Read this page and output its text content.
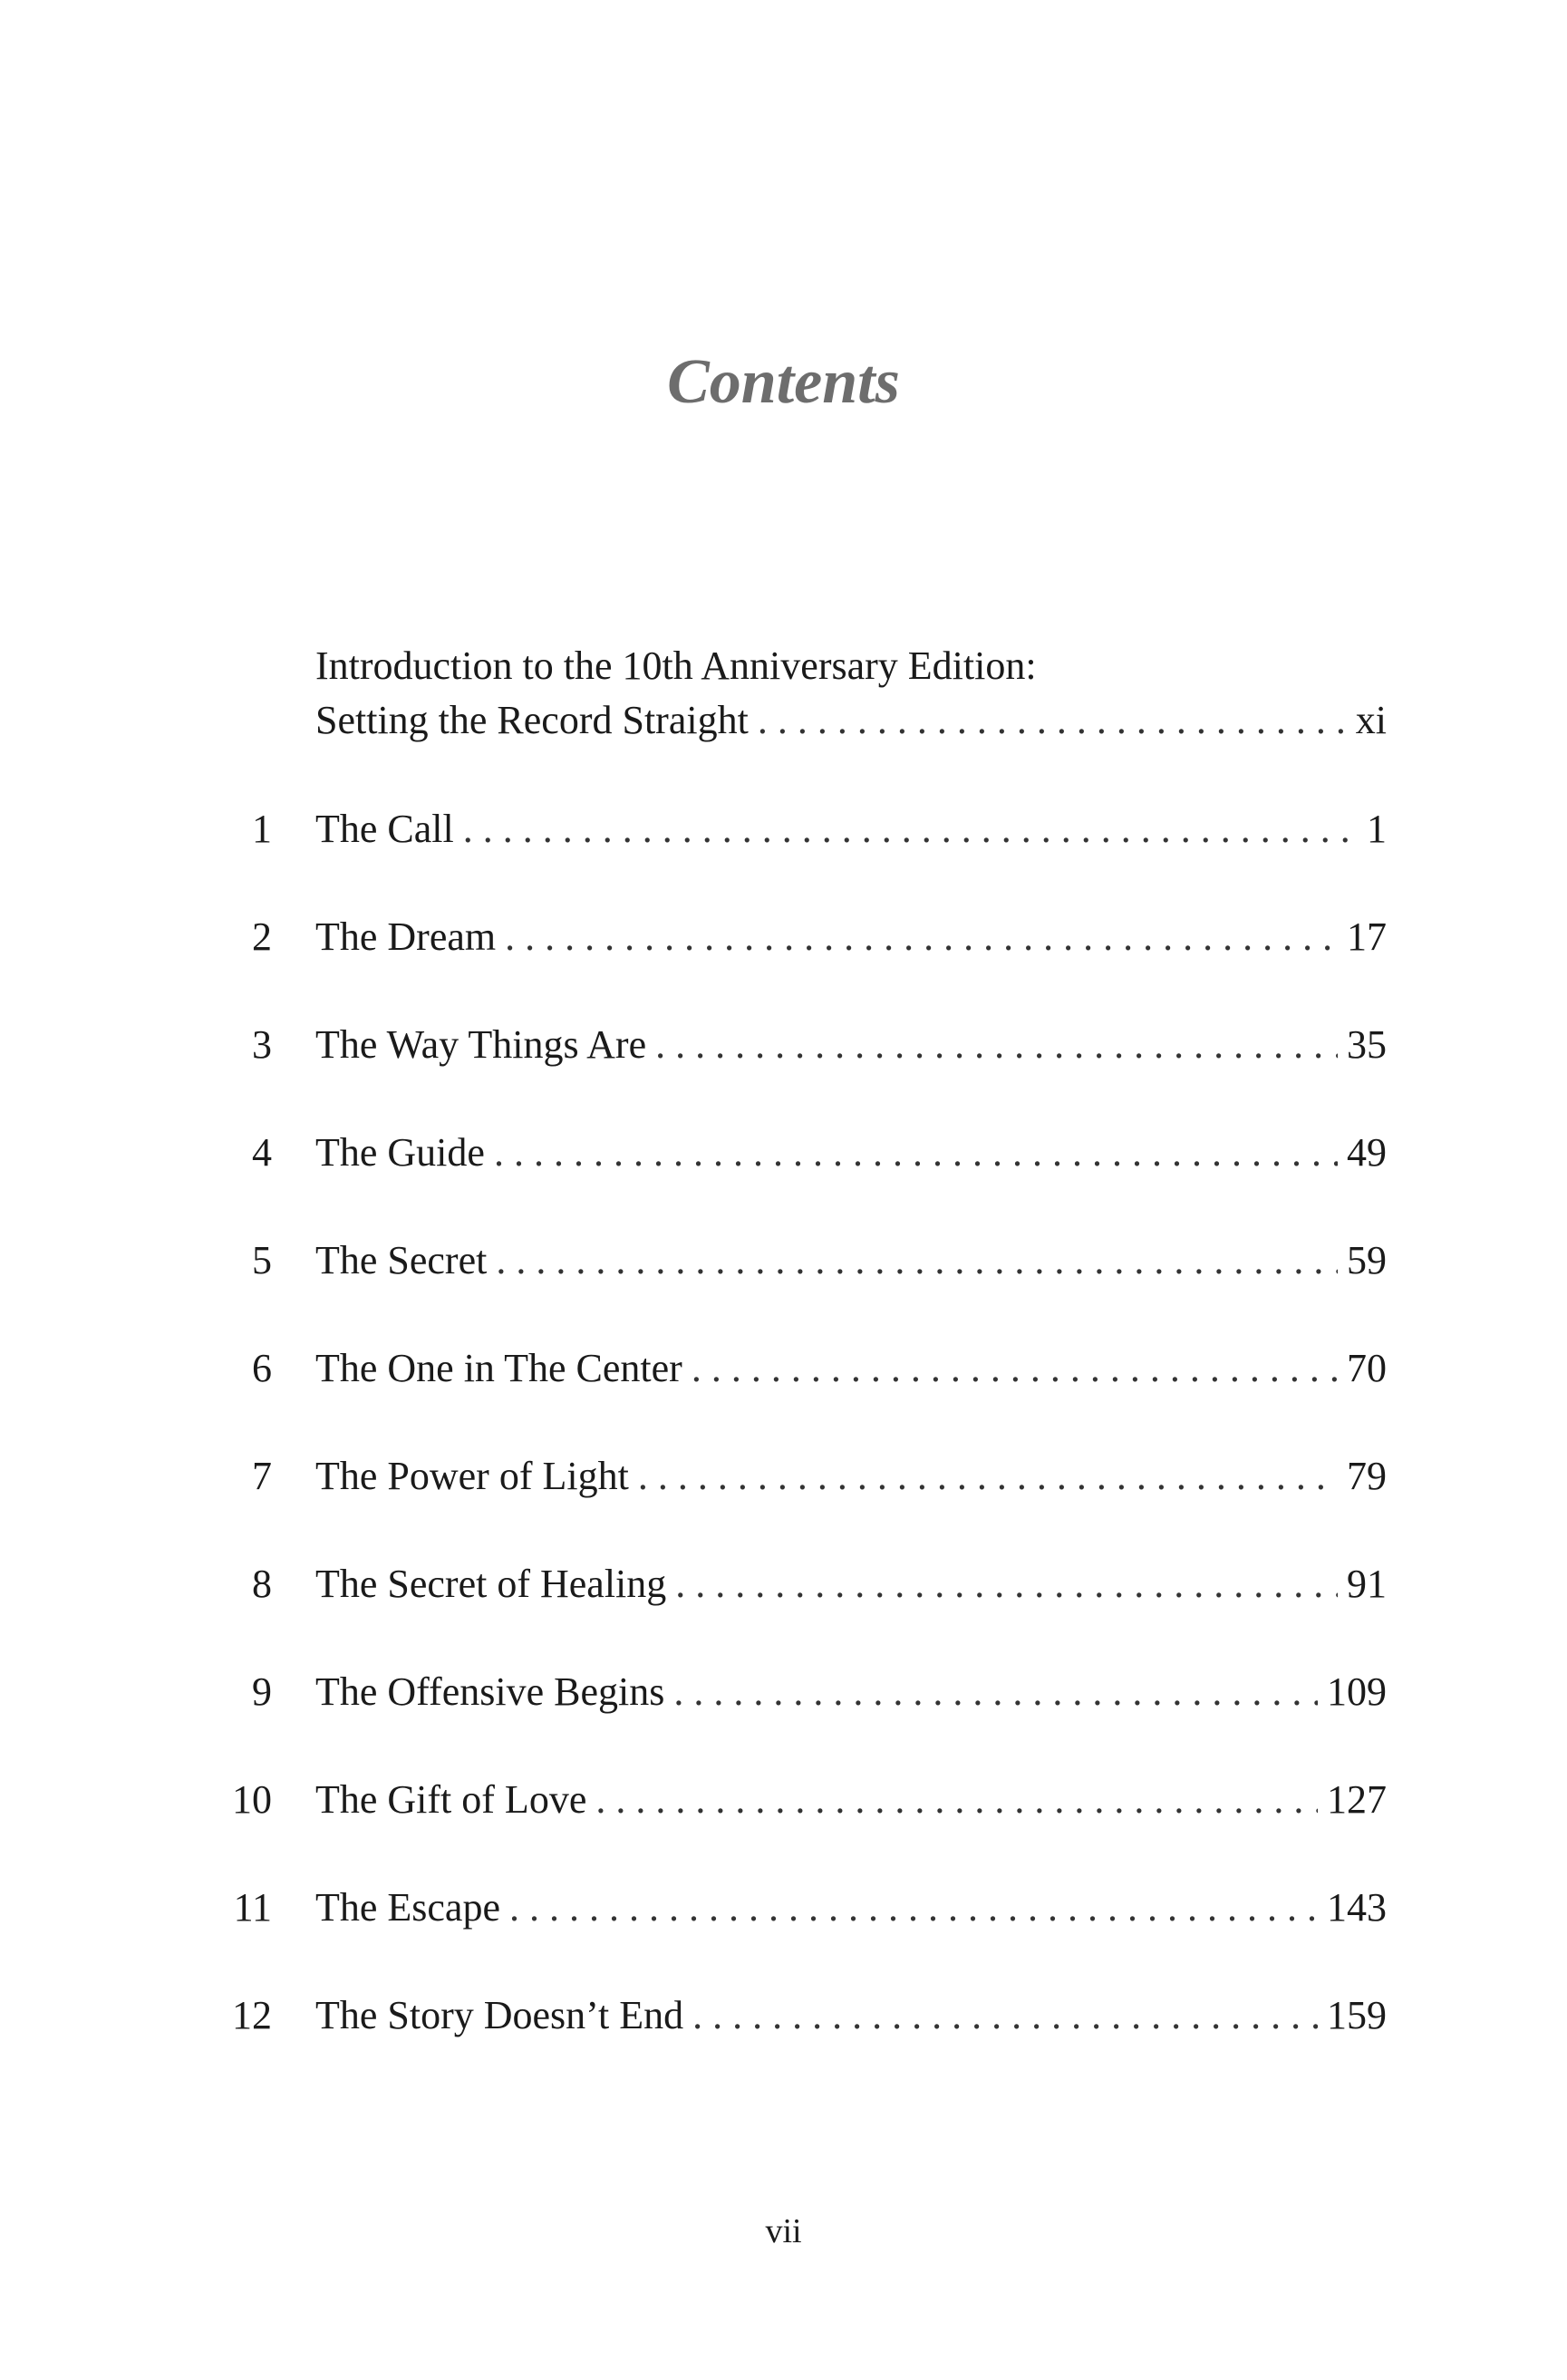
Contents
Introduction to the 10th Anniversary Edition:
Setting the Record Straight . . .	xi
1 The Call . . .	1
2 The Dream . . .	17
3 The Way Things Are . . .	35
4 The Guide . . .	49
5 The Secret . . .	59
6 The One in The Center . . .	70
7 The Power of Light . . .	79
8 The Secret of Healing . . .	91
9 The Offensive Begins . . .	109
10 The Gift of Love . . .	127
11 The Escape . . .	143
12 The Story Doesn’t End . . .	159
vii
